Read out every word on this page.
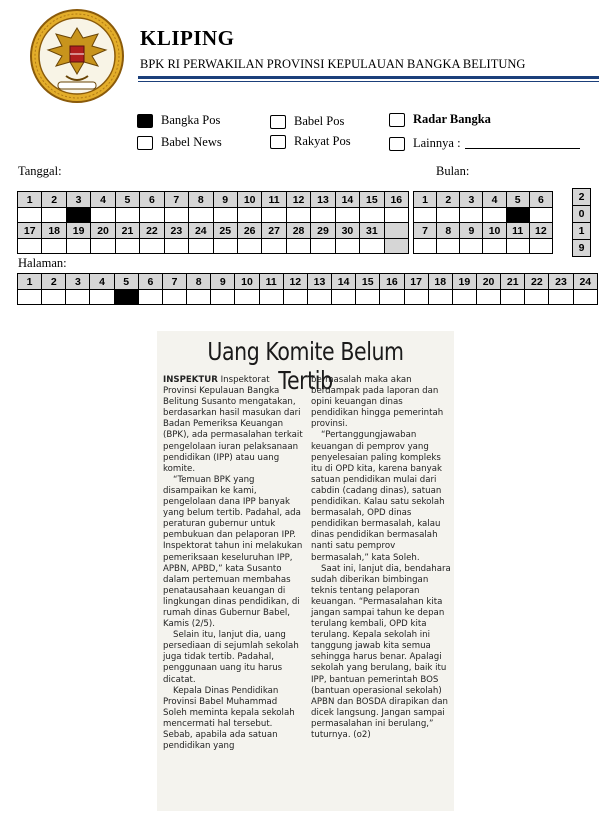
KLIPING
BPK RI PERWAKILAN PROVINSI KEPULAUAN BANGKA BELITUNG
Bangka Pos
Babel News
Babel Pos
Rakyat Pos
Radar Bangka
Lainnya :
Tanggal:	Bulan:
Halaman:
1	2	3	4	5	6	7	8	9	10	11	12	13	14	15	16

17	18	19	20	21	22	23	24	25	26	27	28	29	30	31	

1	2	3	4	5	6

7	8	9	10	11	12

2
0
1
9
1	2	3	4	5	6	7	8	9	10	11	12	13	14	15	16	17	18	19	20	21	22	23	24

Uang Komite Belum Tertib

INSPEKTUR Inspektorat Provinsi Kepulauan Bangka Belitung Susanto mengatakan, berdasarkan hasil masukan dari Badan Pemeriksa Keuangan (BPK), ada permasalahan terkait pengelolaan iuran pelaksanaan pendidikan (IPP) atau uang komite.

“Temuan BPK yang disampaikan ke kami, pengelolaan dana IPP banyak yang belum tertib. Padahal, ada peraturan gubernur untuk pembukuan dan pelaporan IPP. Inspektorat tahun ini melakukan pemeriksaan keseluruhan IPP, APBN, APBD,” kata Susanto dalam pertemuan membahas penatausahaan keuangan di lingkungan dinas pendidikan, di rumah dinas Gubernur Babel, Kamis (2/5).

Selain itu, lanjut dia, uang persediaan di sejumlah sekolah juga tidak tertib. Padahal, penggunaan uang itu harus dicatat.

Kepala Dinas Pendidikan Provinsi Babel Muhammad Soleh meminta kepala sekolah mencermati hal tersebut. Sebab, apabila ada satuan pendidikan yang

bermasalah maka akan berdampak pada laporan dan opini keuangan dinas pendidikan hingga pemerintah provinsi.

“Pertanggungjawaban keuangan di pemprov yang penyelesaian paling kompleks itu di OPD kita, karena banyak satuan pendidikan mulai dari cabdin (cadang dinas), satuan pendidikan. Kalau satu sekolah bermasalah, OPD dinas pendidikan bermasalah, kalau dinas pendidikan bermasalah nanti satu pemprov bermasalah,” kata Soleh.

Saat ini, lanjut dia, bendahara sudah diberikan bimbingan teknis tentang pelaporan keuangan. “Permasalahan kita jangan sampai tahun ke depan terulang kembali, OPD kita terulang. Kepala sekolah ini tanggung jawab kita semua sehingga harus benar. Apalagi sekolah yang berulang, baik itu IPP, bantuan pemerintah BOS (bantuan operasional sekolah) APBN dan BOSDA dirapikan dan dicek langsung. Jangan sampai permasalahan ini berulang,” tuturnya. (o2)
